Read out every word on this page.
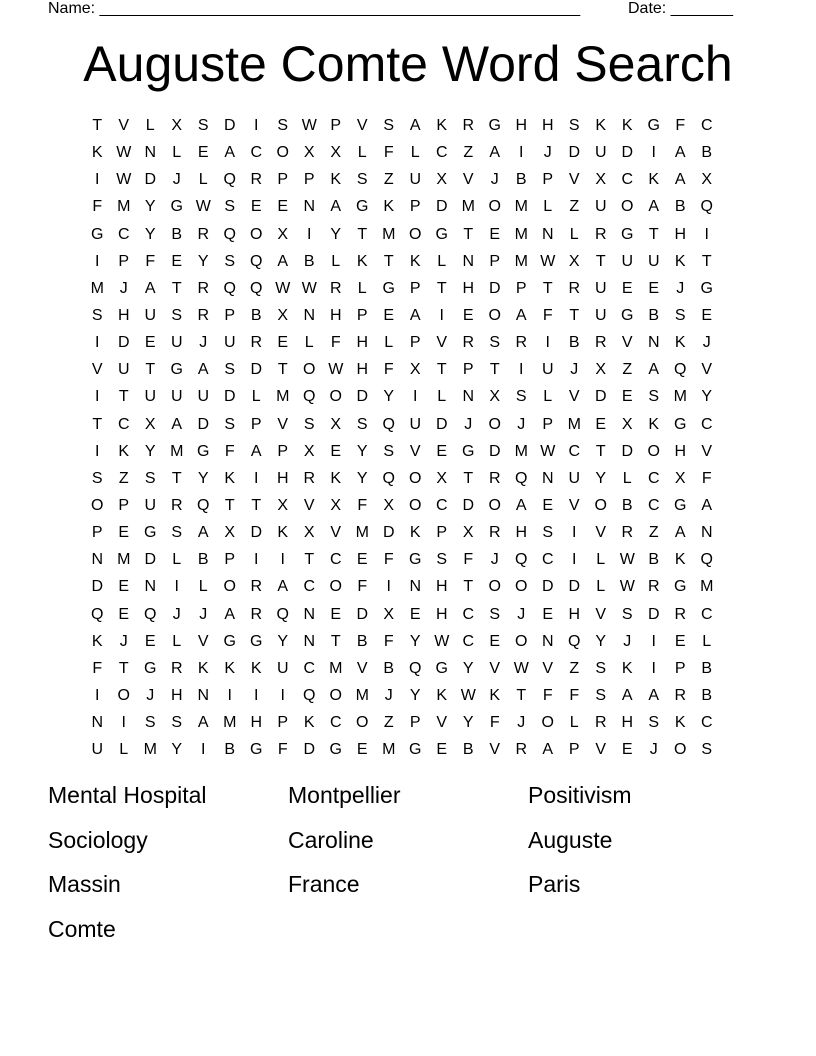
Name: ______________________________________________________	Date: _______
Auguste Comte Word Search
T	V	L	X S D	I	S W P V S A K R G H H S K K G F C
K W N	L	E A C O X X	L	F	L	C Z	A	I	J	D U D	I	A B
I	W D	J	L Q R P P K S	Z U X V	J	B P V X C K A X
F M Y G W S E E N A G K P D M O M L	Z U O A B Q
G C Y B R Q O X	I	Y	T M O G T	E M N	L	R G T H	I
I	P	F	E Y S Q A B	L	K	T	K	L	N P M W X	T U U K	T
M J	A	T R Q Q W W R	L G P	T H D P	T R U E E	J	G
S H U S R P B X N H P E A	I	E O A	F	T U G B S E
I	D E U	J	U R E	L	F H	L	P V R S R	I	B R V N K	J
V U T G A S D T O W H F	X	T	P	T	I	U	J	X	Z	A Q V
I	T U U U D	L M Q O D Y	I	L	N X S	L	V D E S M Y
T C X A D S P V S X S Q U D	J	O	J	P M E X K G C
I	K Y M G F	A P X E Y S V E G D M W C T D O H V
S	Z	S	T	Y K	I	H R K Y Q O X	T R Q N U Y	L	C X	F
O P U R Q T	T	X V X	F	X O C D O A E V O B C G A
P E G S A X D K X V M D K P X R H S	I	V R Z	A N
N M D	L	B P	I	I	T C E	F G S	F	J	Q C	I	L W B K Q
D E N	I	L O R A C O F	I	N H T O O D D	L W R G M
Q E Q	J	J	A R Q N E D X E H C S	J	E H V S D R C
K	J	E	L	V G G Y N T	B	F	Y W C E O N Q Y	J	I	E	L
F	T G R K K K U C M V B Q G Y V W V	Z	S K	I	P B
I	O	J	H N	I	I	I	Q O M J	Y K W K	T	F	F	S A A R B
N	I	S S A M H P K C O Z	P V Y	F	J	O L	R H S K C
U	L M Y	I	B G F D G E M G E B V R A P V E	J	O S
Mental Hospital	Montpellier	Positivism
Sociology	Caroline	Auguste
Massin	France	Paris
Comte
